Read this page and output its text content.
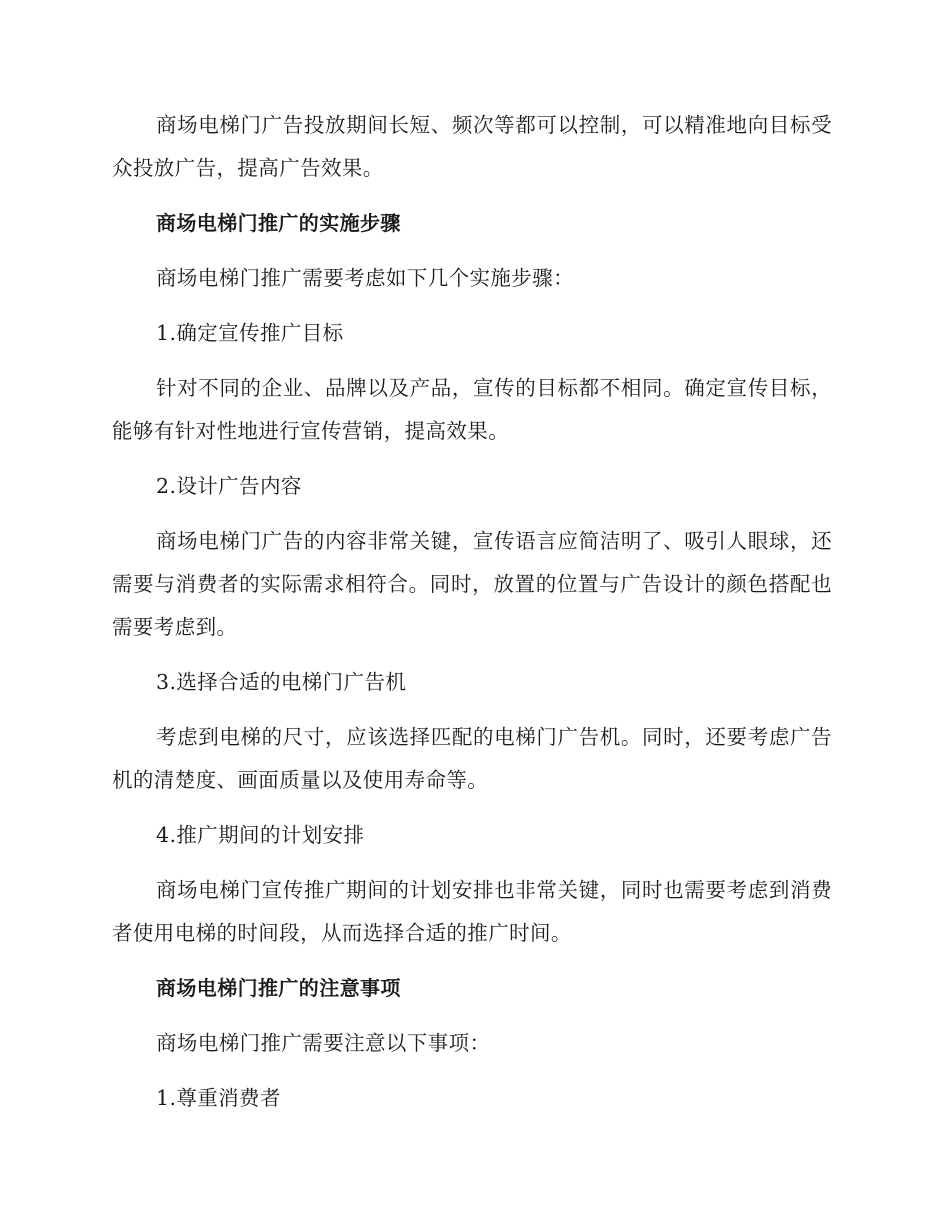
商场电梯门广告投放期间长短、频次等都可以控制，可以精准地向目标受众投放广告，提高广告效果。

商场电梯门推广的实施步骤

商场电梯门推广需要考虑如下几个实施步骤：

1.确定宣传推广目标

针对不同的企业、品牌以及产品，宣传的目标都不相同。确定宣传目标，能够有针对性地进行宣传营销，提高效果。

2.设计广告内容

商场电梯门广告的内容非常关键，宣传语言应简洁明了、吸引人眼球，还需要与消费者的实际需求相符合。同时，放置的位置与广告设计的颜色搭配也需要考虑到。

3.选择合适的电梯门广告机

考虑到电梯的尺寸，应该选择匹配的电梯门广告机。同时，还要考虑广告机的清楚度、画面质量以及使用寿命等。

4.推广期间的计划安排

商场电梯门宣传推广期间的计划安排也非常关键，同时也需要考虑到消费者使用电梯的时间段，从而选择合适的推广时间。

商场电梯门推广的注意事项

商场电梯门推广需要注意以下事项：

1.尊重消费者
